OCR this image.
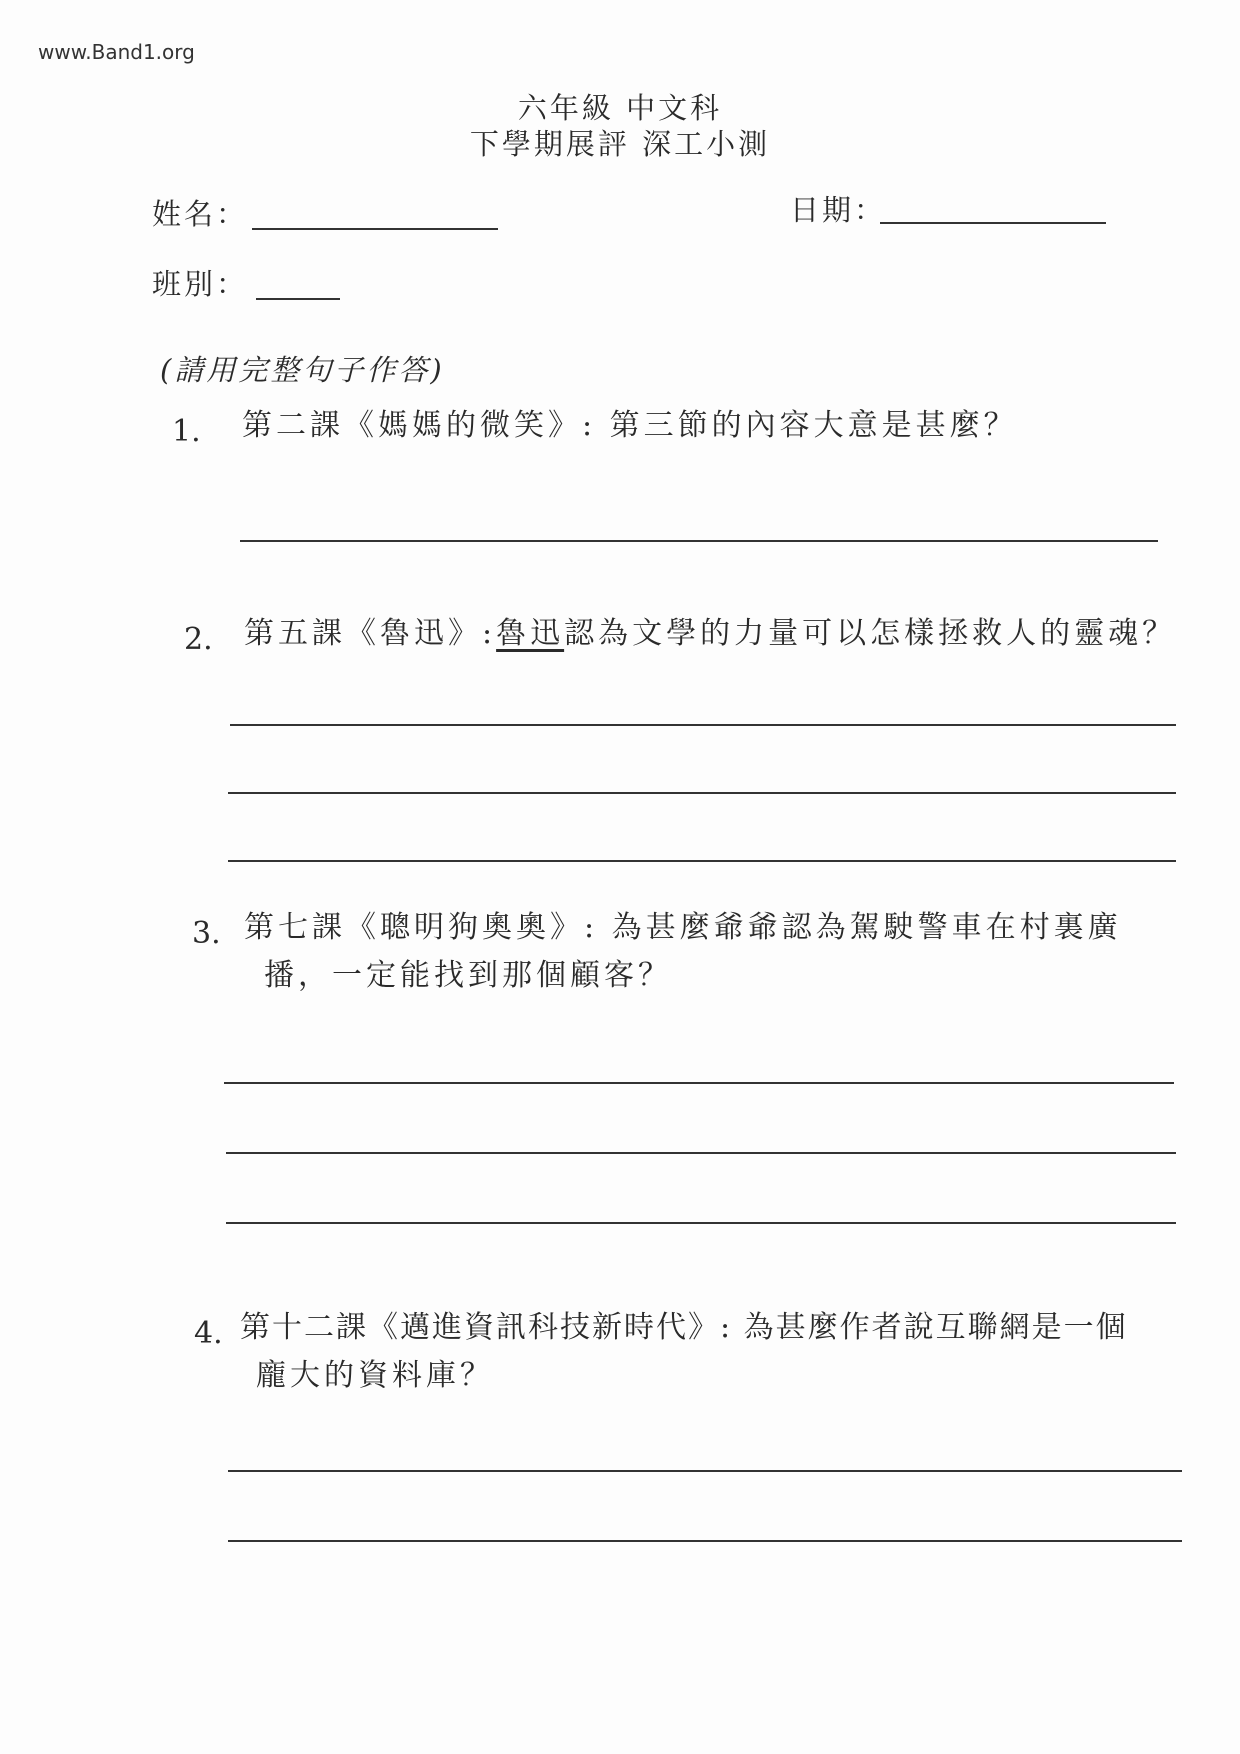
www.Band1.org
六年級 中文科
下學期展評 深工小測
姓名：	日期：
班別：
(請用完整句子作答)
1. 第二課《媽媽的微笑》: 第三節的內容大意是甚麼？
2. 第五課《魯迅》:魯迅認為文學的力量可以怎樣拯救人的靈魂？
3. 第七課《聰明狗奧奧》: 為甚麼爺爺認為駕駛警車在村裏廣
播，一定能找到那個顧客？
4. 第十二課《邁進資訊科技新時代》: 為甚麼作者說互聯網是一個
龐大的資料庫？
